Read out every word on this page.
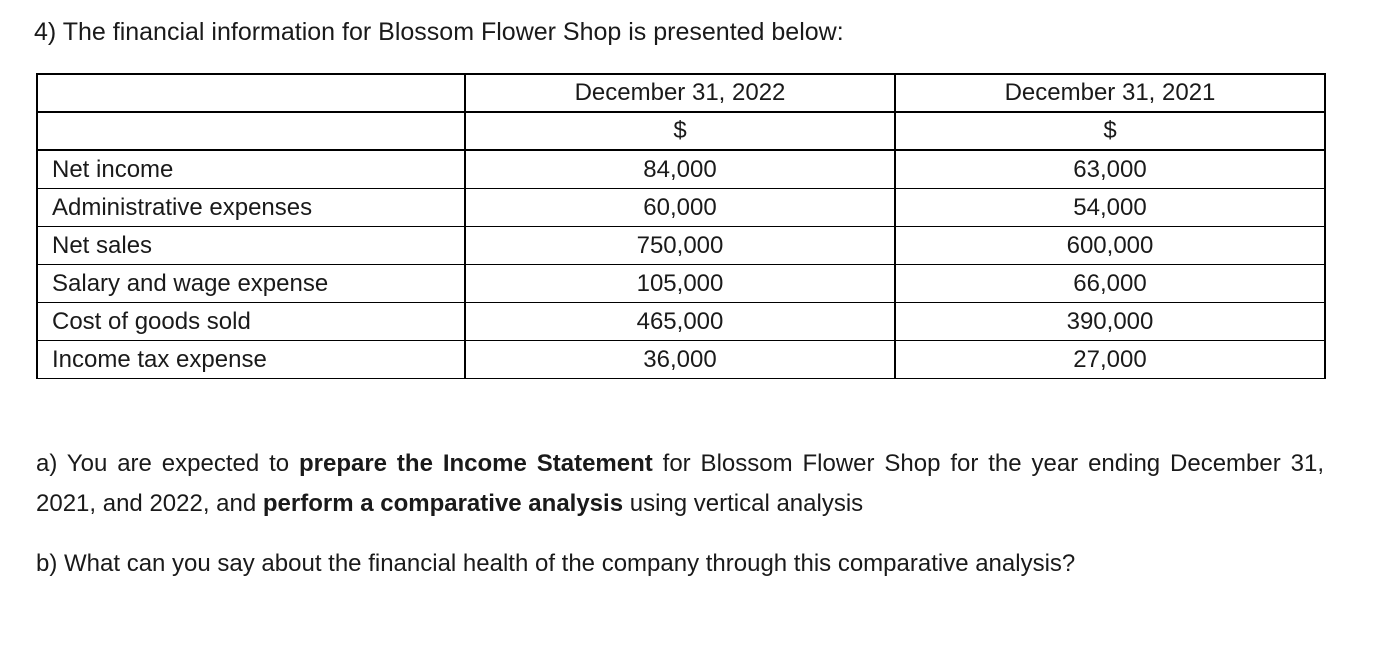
4) The financial information for Blossom Flower Shop is presented below:
	December 31, 2022	December 31, 2021
	$	$
Net income	84,000	63,000
Administrative expenses	60,000	54,000
Net sales	750,000	600,000
Salary and wage expense	105,000	66,000
Cost of goods sold	465,000	390,000
Income tax expense	36,000	27,000
a) You are expected to prepare the Income Statement for Blossom Flower Shop for the year ending December 31, 2021, and 2022, and perform a comparative analysis using vertical analysis
b) What can you say about the financial health of the company through this comparative analysis?
